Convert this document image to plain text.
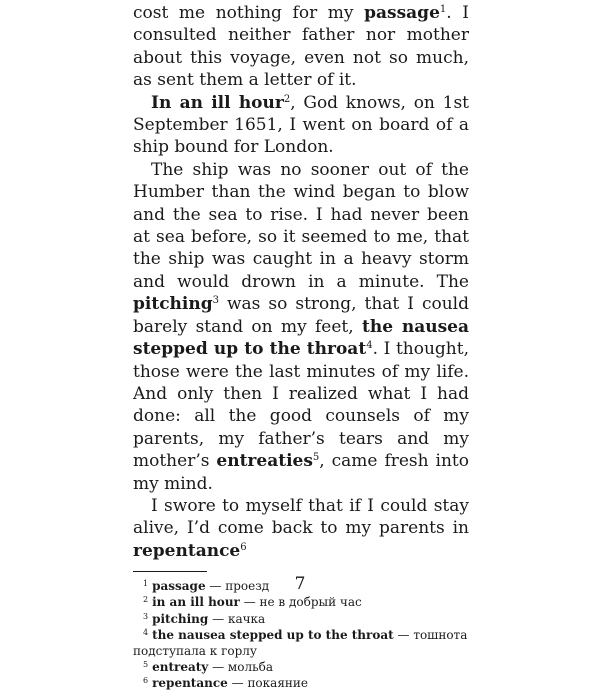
cost me nothing for my passage$^1$. I consulted neither father nor mother about this voyage, even not so much, as sent them a letter of it.

In an ill hour$^2$, God knows, on 1st September 1651, I went on board of a ship bound for London.

The ship was no sooner out of the Humber than the wind began to blow and the sea to rise. I had never been at sea before, so it seemed to me, that the ship was caught in a heavy storm and would drown in a minute. The pitching$^3$ was so strong, that I could barely stand on my feet, the nausea stepped up to the throat$^4$. I thought, those were the last minutes of my life. And only then I realized what I had done: all the good counsels of my parents, my father’s tears and my mother’s entreaties$^5$, came fresh into my mind.

I swore to myself that if I could stay alive, I’d come back to my parents in repentance$^6$

$^1$ passage — проезд

$^2$ in an ill hour — не в добрый час

$^3$ pitching — качка

$^4$ the nausea stepped up to the throat — тошнота подступала к горлу

$^5$ entreaty — мольба

$^6$ repentance — покаяние

7
